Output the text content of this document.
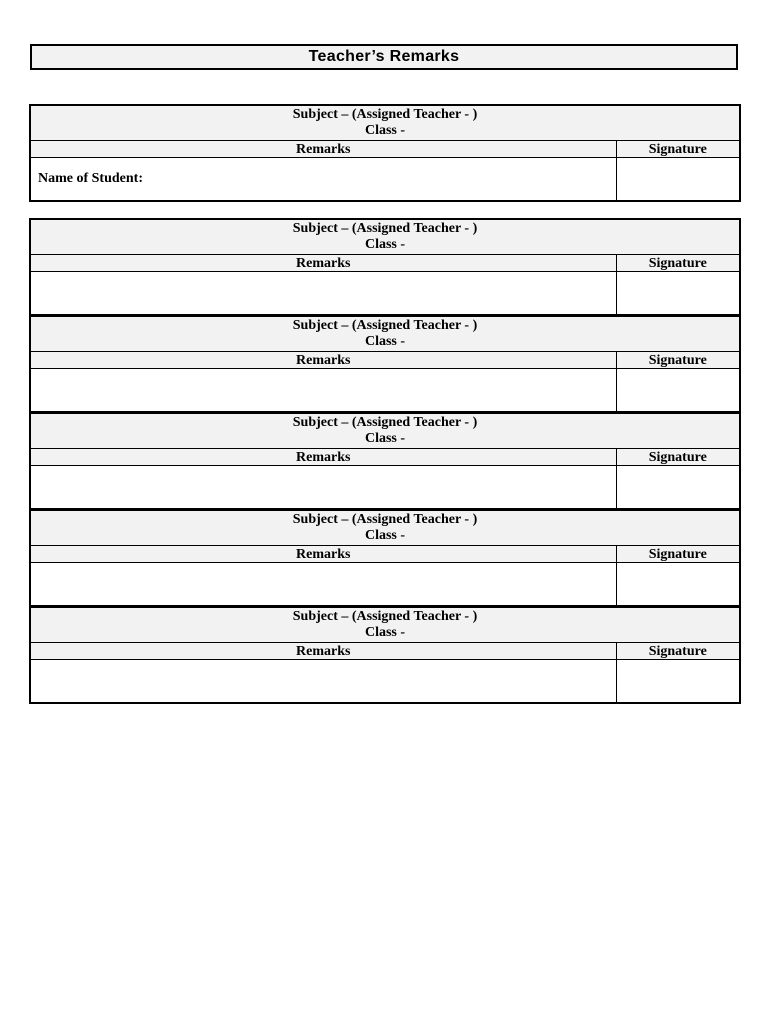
Teacher’s Remarks
Subject – (Assigned Teacher - )
Class -	

Remarks	Signature
Name of Student:	
Subject – (Assigned Teacher - )
Class -	

Remarks	Signature

Subject – (Assigned Teacher - )
Class -	

Remarks	Signature

Subject – (Assigned Teacher - )
Class -	

Remarks	Signature

Subject – (Assigned Teacher - )
Class -	

Remarks	Signature

Subject – (Assigned Teacher - )
Class -	

Remarks	Signature
